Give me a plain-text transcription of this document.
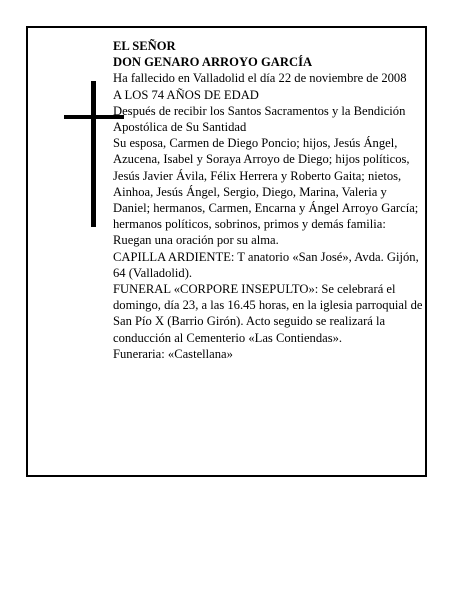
EL SEÑOR

DON GENARO ARROYO GARCÍA

Ha fallecido en Valladolid el día 22 de noviembre de 2008

A LOS 74 AÑOS DE EDAD

Después de recibir los Santos Sacramentos y la Bendición Apostólica de Su Santidad

Su esposa, Carmen de Diego Poncio; hijos, Jesús Ángel, Azucena, Isabel y Soraya Arroyo de Diego; hijos políticos, Jesús Javier Ávila, Félix Herrera y Roberto Gaita; nietos, Ainhoa, Jesús Ángel, Sergio, Diego, Marina, Valeria y Daniel; hermanos, Carmen, Encarna y Ángel Arroyo García; hermanos políticos, sobrinos, primos y demás familia:

Ruegan una oración por su alma.

CAPILLA ARDIENTE: T anatorio «San José», Avda. Gijón, 64 (Valladolid).

FUNERAL «CORPORE INSEPULTO»: Se celebrará el domingo, día 23, a las 16.45 horas, en la iglesia parroquial de San Pío X (Barrio Girón). Acto seguido se realizará la conducción al Cementerio «Las Contiendas».

Funeraria: «Castellana»
